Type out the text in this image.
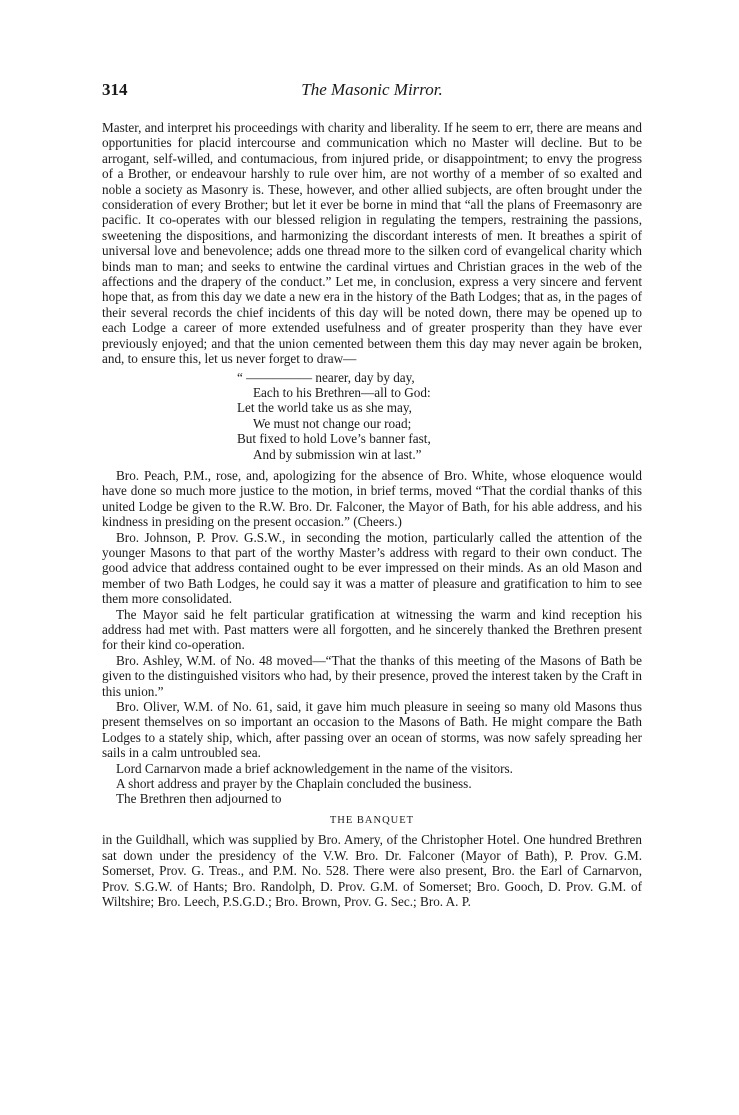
314	The Masonic Mirror.

Master, and interpret his proceedings with charity and liberality. If he seem to err, there are means and opportunities for placid intercourse and communication which no Master will decline. But to be arrogant, self-willed, and contumacious, from injured pride, or disappointment; to envy the progress of a Brother, or endeavour harshly to rule over him, are not worthy of a member of so exalted and noble a society as Masonry is. These, however, and other allied subjects, are often brought under the consideration of every Brother; but let it ever be borne in mind that “all the plans of Freemasonry are pacific. It co-operates with our blessed religion in regulating the tempers, restraining the passions, sweetening the dispositions, and harmonizing the discordant interests of men. It breathes a spirit of universal love and benevolence; adds one thread more to the silken cord of evangelical charity which binds man to man; and seeks to entwine the cardinal virtues and Christian graces in the web of the affections and the drapery of the conduct.” Let me, in conclusion, express a very sincere and fervent hope that, as from this day we date a new era in the history of the Bath Lodges; that as, in the pages of their several records the chief incidents of this day will be noted down, there may be opened up to each Lodge a career of more extended usefulness and of greater prosperity than they have ever previously enjoyed; and that the union cemented between them this day may never again be broken, and, to ensure this, let us never forget to draw—

“ ————— nearer, day by day,
Each to his Brethren—all to God:
Let the world take us as she may,
We must not change our road;
But fixed to hold Love’s banner fast,
And by submission win at last.”

Bro. Peach, P.M., rose, and, apologizing for the absence of Bro. White, whose eloquence would have done so much more justice to the motion, in brief terms, moved “That the cordial thanks of this united Lodge be given to the R.W. Bro. Dr. Falconer, the Mayor of Bath, for his able address, and his kindness in presiding on the present occasion.” (Cheers.)

Bro. Johnson, P. Prov. G.S.W., in seconding the motion, particularly called the attention of the younger Masons to that part of the worthy Master’s address with regard to their own conduct. The good advice that address contained ought to be ever impressed on their minds. As an old Mason and member of two Bath Lodges, he could say it was a matter of pleasure and gratification to him to see them more consolidated.

The Mayor said he felt particular gratification at witnessing the warm and kind reception his address had met with. Past matters were all forgotten, and he sincerely thanked the Brethren present for their kind co-operation.

Bro. Ashley, W.M. of No. 48 moved—“That the thanks of this meeting of the Masons of Bath be given to the distinguished visitors who had, by their presence, proved the interest taken by the Craft in this union.”

Bro. Oliver, W.M. of No. 61, said, it gave him much pleasure in seeing so many old Masons thus present themselves on so important an occasion to the Masons of Bath. He might compare the Bath Lodges to a stately ship, which, after passing over an ocean of storms, was now safely spreading her sails in a calm untroubled sea.

Lord Carnarvon made a brief acknowledgement in the name of the visitors.

A short address and prayer by the Chaplain concluded the business.

The Brethren then adjourned to

THE BANQUET

in the Guildhall, which was supplied by Bro. Amery, of the Christopher Hotel. One hundred Brethren sat down under the presidency of the V.W. Bro. Dr. Falconer (Mayor of Bath), P. Prov. G.M. Somerset, Prov. G. Treas., and P.M. No. 528. There were also present, Bro. the Earl of Carnarvon, Prov. S.G.W. of Hants; Bro. Randolph, D. Prov. G.M. of Somerset; Bro. Gooch, D. Prov. G.M. of Wiltshire; Bro. Leech, P.S.G.D.; Bro. Brown, Prov. G. Sec.; Bro. A. P.
